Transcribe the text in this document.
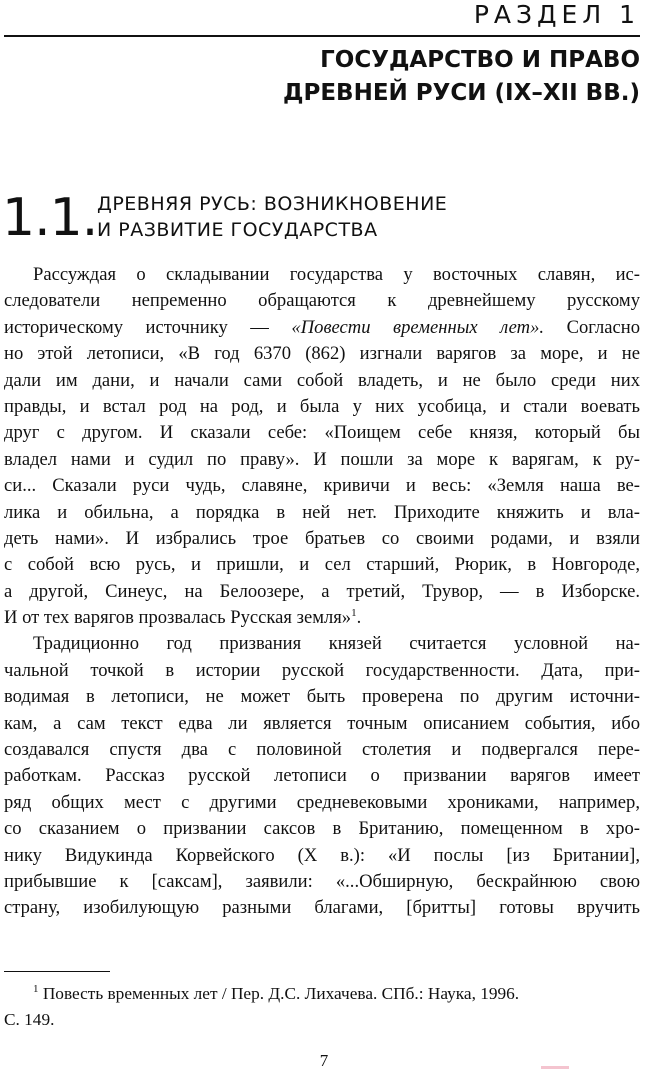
РАЗДЕЛ 1
ГОСУДАРСТВО И ПРАВО
ДРЕВНЕЙ РУСИ (IX–XII ВВ.)
1.1. ДРЕВНЯЯ РУСЬ: ВОЗНИКНОВЕНИЕ
И РАЗВИТИЕ ГОСУДАРСТВА
Рассуждая о складывании государства у восточных славян, ис-
следователи непременно обращаются к древнейшему русскому
историческому источнику — «Повести временных лет». Согласно
но этой летописи, «В год 6370 (862) изгнали варягов за море, и не
дали им дани, и начали сами собой владеть, и не было среди них
правды, и встал род на род, и была у них усобица, и стали воевать
друг с другом. И сказали себе: «Поищем себе князя, который бы
владел нами и судил по праву». И пошли за море к варягам, к ру-
си... Сказали руси чудь, славяне, кривичи и весь: «Земля наша ве-
лика и обильна, а порядка в ней нет. Приходите княжить и вла-
деть нами». И избрались трое братьев со своими родами, и взяли
с собой всю русь, и пришли, и сел старший, Рюрик, в Новгороде,
а другой, Синеус, на Белоозере, а третий, Трувор, — в Изборске.
И от тех варягов прозвалась Русская земля»$^1$.
Традиционно год призвания князей считается условной на-
чальной точкой в истории русской государственности. Дата, при-
водимая в летописи, не может быть проверена по другим источни-
кам, а сам текст едва ли является точным описанием события, ибо
создавался спустя два с половиной столетия и подвергался пере-
работкам. Рассказ русской летописи о призвании варягов имеет
ряд общих мест с другими средневековыми хрониками, например,
со сказанием о призвании саксов в Британию, помещенном в хро-
нику Видукинда Корвейского (X в.): «И послы [из Британии],
прибывшие к [саксам], заявили: «...Обширную, бескрайнюю свою
страну, изобилующую разными благами, [бритты] готовы вручить
$^1$ Повесть временных лет / Пер. Д.С. Лихачева. СПб.: Наука, 1996.
С. 149.
7
